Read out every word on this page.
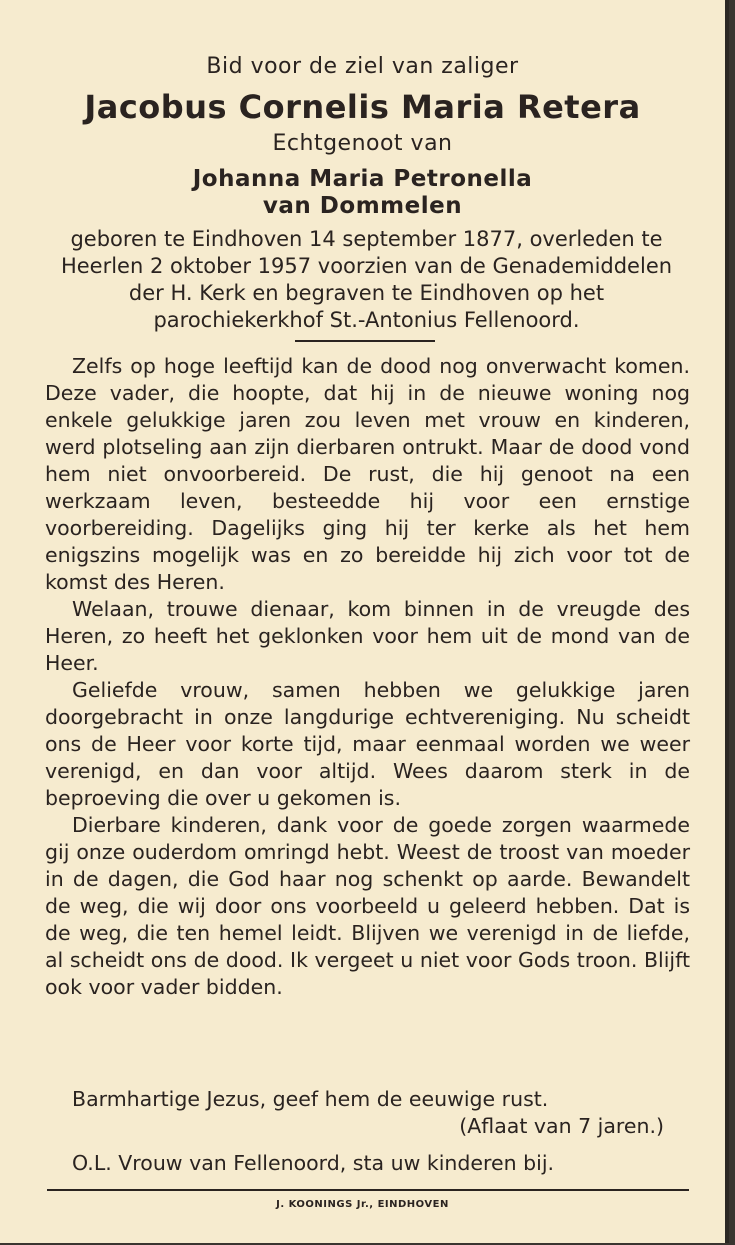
Bid voor de ziel van zaliger
Jacobus Cornelis Maria Retera
Echtgenoot van
Johanna Maria Petronella
van Dommelen
geboren te Eindhoven 14 september 1877, overleden te Heerlen 2 oktober 1957 voorzien van de Genademiddelen der H. Kerk en begraven te Eindhoven op het parochiekerkhof St.-Antonius Fellenoord.

Zelfs op hoge leeftijd kan de dood nog onverwacht komen. Deze vader, die hoopte, dat hij in de nieuwe woning nog enkele gelukkige jaren zou leven met vrouw en kinderen, werd plotseling aan zijn dierbaren ontrukt. Maar de dood vond hem niet onvoorbereid. De rust, die hij genoot na een werkzaam leven, besteedde hij voor een ernstige voorbereiding. Dagelijks ging hij ter kerke als het hem enigszins mogelijk was en zo bereidde hij zich voor tot de komst des Heren.

Welaan, trouwe dienaar, kom binnen in de vreugde des Heren, zo heeft het geklonken voor hem uit de mond van de Heer.

Geliefde vrouw, samen hebben we gelukkige jaren doorgebracht in onze langdurige echtvereniging. Nu scheidt ons de Heer voor korte tijd, maar eenmaal worden we weer verenigd, en dan voor altijd. Wees daarom sterk in de beproeving die over u gekomen is.

Dierbare kinderen, dank voor de goede zorgen waarmede gij onze ouderdom omringd hebt. Weest de troost van moeder in de dagen, die God haar nog schenkt op aarde. Bewandelt de weg, die wij door ons voorbeeld u geleerd hebben. Dat is de weg, die ten hemel leidt. Blijven we verenigd in de liefde, al scheidt ons de dood. Ik vergeet u niet voor Gods troon. Blijft ook voor vader bidden.

Barmhartige Jezus, geef hem de eeuwige rust.

(Aflaat van 7 jaren.)

O.L. Vrouw van Fellenoord, sta uw kinderen bij.

J. KOONINGS Jr., EINDHOVEN
